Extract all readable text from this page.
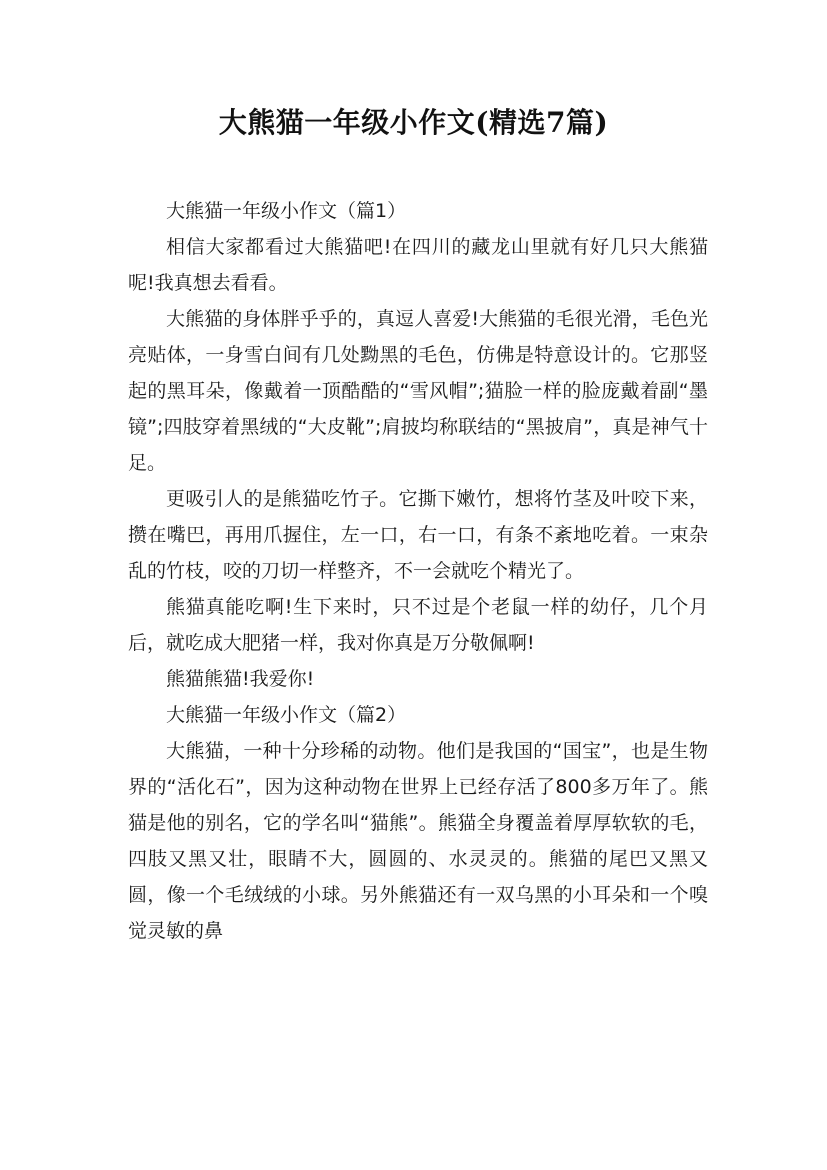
大熊猫一年级小作文(精选7篇)

大熊猫一年级小作文（篇1）

相信大家都看过大熊猫吧!在四川的藏龙山里就有好几只大熊猫呢!我真想去看看。

大熊猫的身体胖乎乎的，真逗人喜爱!大熊猫的毛很光滑，毛色光亮贴体，一身雪白间有几处黝黑的毛色，仿佛是特意设计的。它那竖起的黑耳朵，像戴着一顶酷酷的“雪风帽”;猫脸一样的脸庞戴着副“墨镜”;四肢穿着黑绒的“大皮靴”;肩披均称联结的“黑披肩”，真是神气十足。

更吸引人的是熊猫吃竹子。它撕下嫩竹，想将竹茎及叶咬下来，攒在嘴巴，再用爪握住，左一口，右一口，有条不紊地吃着。一束杂乱的竹枝，咬的刀切一样整齐，不一会就吃个精光了。

熊猫真能吃啊!生下来时，只不过是个老鼠一样的幼仔，几个月后，就吃成大肥猪一样，我对你真是万分敬佩啊!

熊猫熊猫!我爱你!

大熊猫一年级小作文（篇2）

大熊猫，一种十分珍稀的动物。他们是我国的“国宝”，也是生物界的“活化石”，因为这种动物在世界上已经存活了800多万年了。熊猫是他的别名，它的学名叫“猫熊”。熊猫全身覆盖着厚厚软软的毛，四肢又黑又壮，眼睛不大，圆圆的、水灵灵的。熊猫的尾巴又黑又圆，像一个毛绒绒的小球。另外熊猫还有一双乌黑的小耳朵和一个嗅觉灵敏的鼻
